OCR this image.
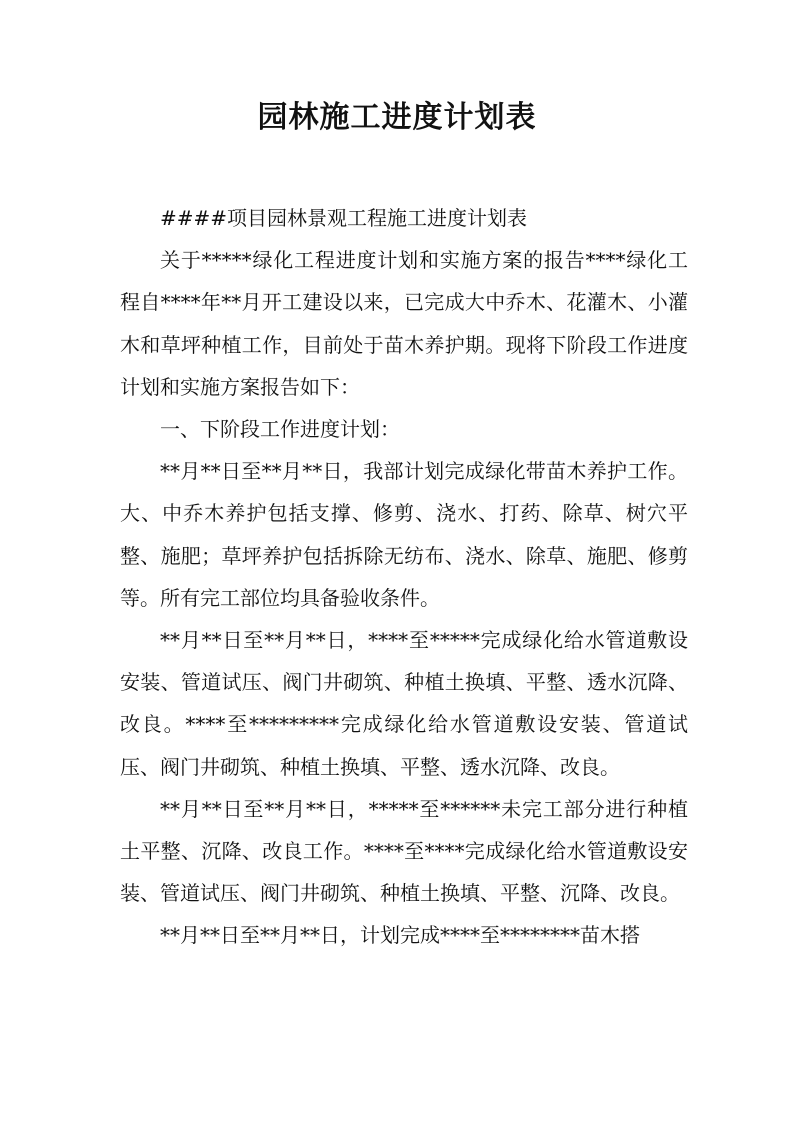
园林施工进度计划表

####项目园林景观工程施工进度计划表

关于*****绿化工程进度计划和实施方案的报告****绿化工程自****年**月开工建设以来，已完成大中乔木、花灌木、小灌木和草坪种植工作，目前处于苗木养护期。现将下阶段工作进度计划和实施方案报告如下：

一、下阶段工作进度计划：

**月**日至**月**日，我部计划完成绿化带苗木养护工作。大、中乔木养护包括支撑、修剪、浇水、打药、除草、树穴平整、施肥；草坪养护包括拆除无纺布、浇水、除草、施肥、修剪等。所有完工部位均具备验收条件。

**月**日至**月**日，****至*****完成绿化给水管道敷设安装、管道试压、阀门井砌筑、种植土换填、平整、透水沉降、改良。****至*********完成绿化给水管道敷设安装、管道试压、阀门井砌筑、种植土换填、平整、透水沉降、改良。

**月**日至**月**日，*****至******未完工部分进行种植土平整、沉降、改良工作。****至****完成绿化给水管道敷设安装、管道试压、阀门井砌筑、种植土换填、平整、沉降、改良。

**月**日至**月**日，计划完成****至********苗木搭
